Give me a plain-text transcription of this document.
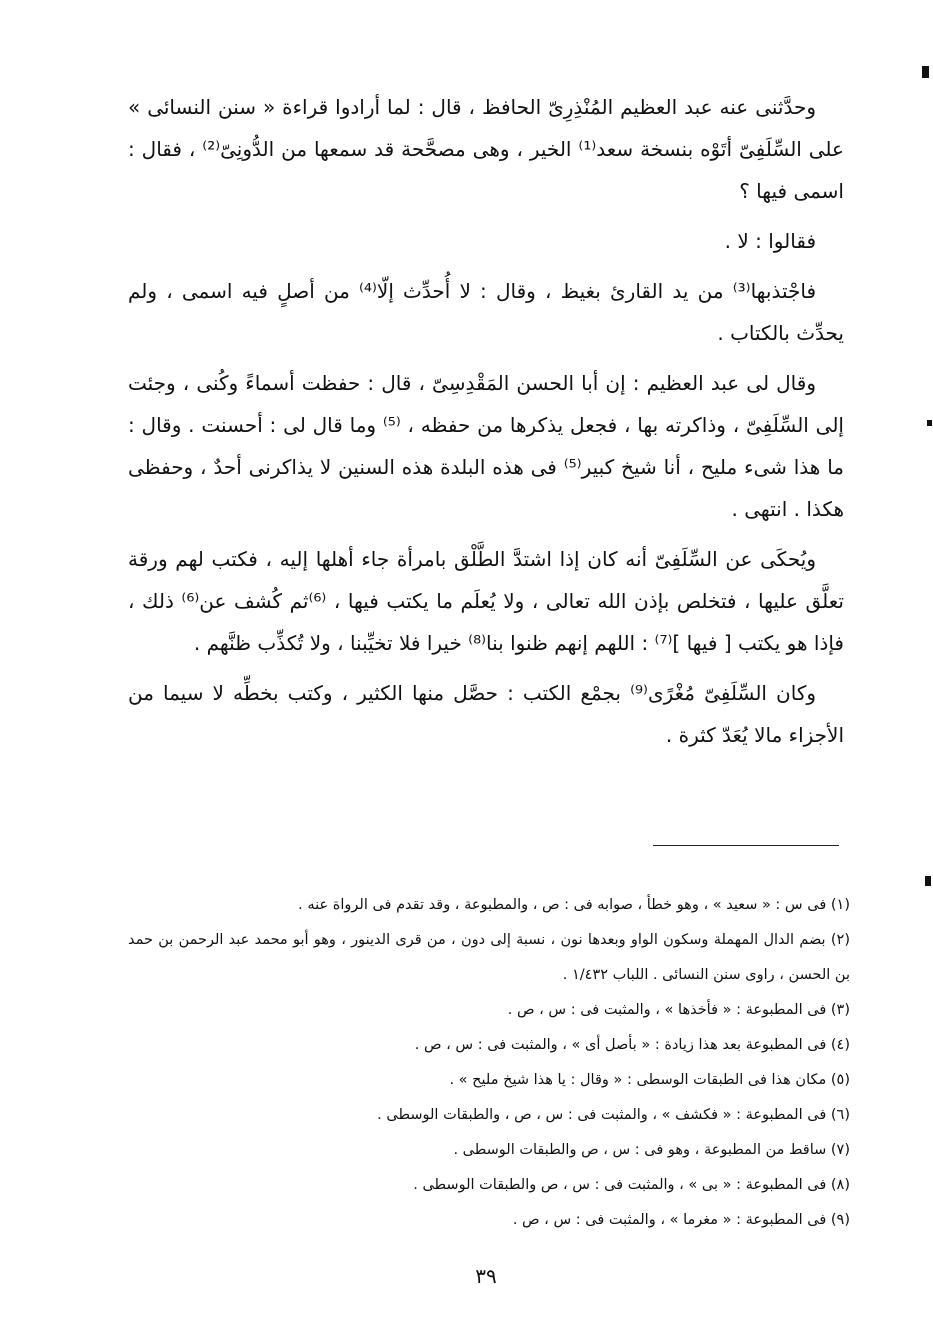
وحدَّثنى عنه عبد العظيم المُنْذِرِىّ الحافظ ، قال : لما أرادوا قراءة « سنن النسائى » على السِّلَفِىّ أتَوْه بنسخة سعد⁽¹⁾ الخير ، وهى مصحَّحة قد سمعها من الدُّونِىّ⁽²⁾ ، فقال : اسمى فيها ؟

فقالوا : لا .

فاجْتذبها⁽³⁾ من يد القارئ بغيظ ، وقال : لا أُحدِّث إلّا⁽⁴⁾ من أصلٍ فيه اسمى ، ولم يحدِّث بالكتاب .

وقال لى عبد العظيم : إن أبا الحسن المَقْدِسِىّ ، قال : حفظت أسماءً وكُنى ، وجئت إلى السِّلَفِىّ ، وذاكرته بها ، فجعل يذكرها من حفظه ، ⁽⁵⁾ وما قال لى : أحسنت . وقال : ما هذا شىء مليح ، أنا شيخ كبير⁽⁵⁾ فى هذه البلدة هذه السنين لا يذاكرنى أحدٌ ، وحفظى هكذا . انتهى .

ويُحكَى عن السِّلَفِىّ أنه كان إذا اشتدَّ الطَّلْق بامرأة جاء أهلها إليه ، فكتب لهم ورقة تعلَّق عليها ، فتخلص بإذن الله تعالى ، ولا يُعلَم ما يكتب فيها ، ⁽⁶⁾ثم كُشف عن⁽⁶⁾ ذلك ، فإذا هو يكتب [ فيها ]⁽⁷⁾ : اللهم إنهم ظنوا بنا⁽⁸⁾ خيرا فلا تخيِّبنا ، ولا تُكذِّب ظنَّهم .

وكان السِّلَفِىّ مُغْرًى⁽⁹⁾ بجمْع الكتب : حصَّل منها الكثير ، وكتب بخطِّه لا سيما من الأجزاء مالا يُعَدّ كثرة .

(١) فى س : « سعيد » ، وهو خطأ ، صوابه فى : ص ، والمطبوعة ، وقد تقدم فى الرواة عنه .

(٢) بضم الدال المهملة وسكون الواو وبعدها نون ، نسبة إلى دون ، من قرى الدينور ، وهو أبو محمد عبد الرحمن بن حمد بن الحسن ، راوى سنن النسائى . اللباب ١/٤٣٢ .

(٣) فى المطبوعة : « فأخذها » ، والمثبت فى : س ، ص .

(٤) فى المطبوعة بعد هذا زيادة : « بأصل أى » ، والمثبت فى : س ، ص .

(٥) مكان هذا فى الطبقات الوسطى : « وقال : يا هذا شيخ مليح » .

(٦) فى المطبوعة : « فكشف » ، والمثبت فى : س ، ص ، والطبقات الوسطى .

(٧) ساقط من المطبوعة ، وهو فى : س ، ص والطبقات الوسطى .

(٨) فى المطبوعة : « بى » ، والمثبت فى : س ، ص والطبقات الوسطى .

(٩) فى المطبوعة : « مغرما » ، والمثبت فى : س ، ص .

٣٩
